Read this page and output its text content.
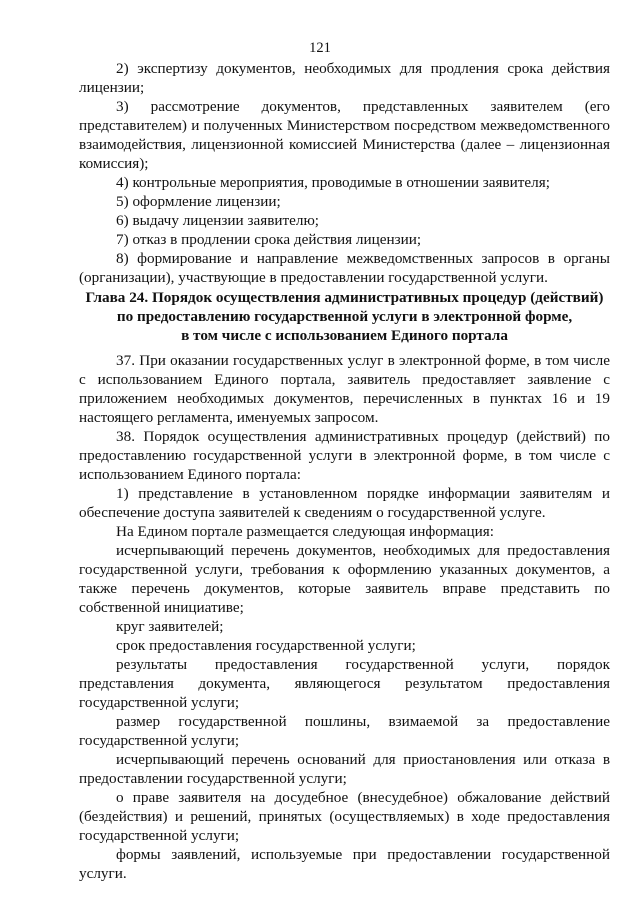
121

2) экспертизу документов, необходимых для продления срока действия лицензии;

3) рассмотрение документов, представленных заявителем (его представителем) и полученных Министерством посредством межведомственного взаимодействия, лицензионной комиссией Министерства (далее – лицензионная комиссия);

4) контрольные мероприятия, проводимые в отношении заявителя;

5) оформление лицензии;

6) выдачу лицензии заявителю;

7) отказ в продлении срока действия лицензии;

8) формирование и направление межведомственных запросов в органы (организации), участвующие в предоставлении государственной услуги.

Глава 24. Порядок осуществления административных процедур (действий)
по предоставлению государственной услуги в электронной форме,
в том числе с использованием Единого портала

37. При оказании государственных услуг в электронной форме, в том числе с использованием Единого портала, заявитель предоставляет заявление с приложением необходимых документов, перечисленных в пунктах 16 и 19 настоящего регламента, именуемых запросом.

38. Порядок осуществления административных процедур (действий) по предоставлению государственной услуги в электронной форме, в том числе с использованием Единого портала:

1) представление в установленном порядке информации заявителям и обеспечение доступа заявителей к сведениям о государственной услуге.

На Едином портале размещается следующая информация:

исчерпывающий перечень документов, необходимых для предоставления государственной услуги, требования к оформлению указанных документов, а также перечень документов, которые заявитель вправе представить по собственной инициативе;

круг заявителей;

срок предоставления государственной услуги;

результаты предоставления государственной услуги, порядок представления документа, являющегося результатом предоставления государственной услуги;

размер государственной пошлины, взимаемой за предоставление государственной услуги;

исчерпывающий перечень оснований для приостановления или отказа в предоставлении государственной услуги;

о праве заявителя на досудебное (внесудебное) обжалование действий (бездействия) и решений, принятых (осуществляемых) в ходе предоставления государственной услуги;

формы заявлений, используемые при предоставлении государственной услуги.
